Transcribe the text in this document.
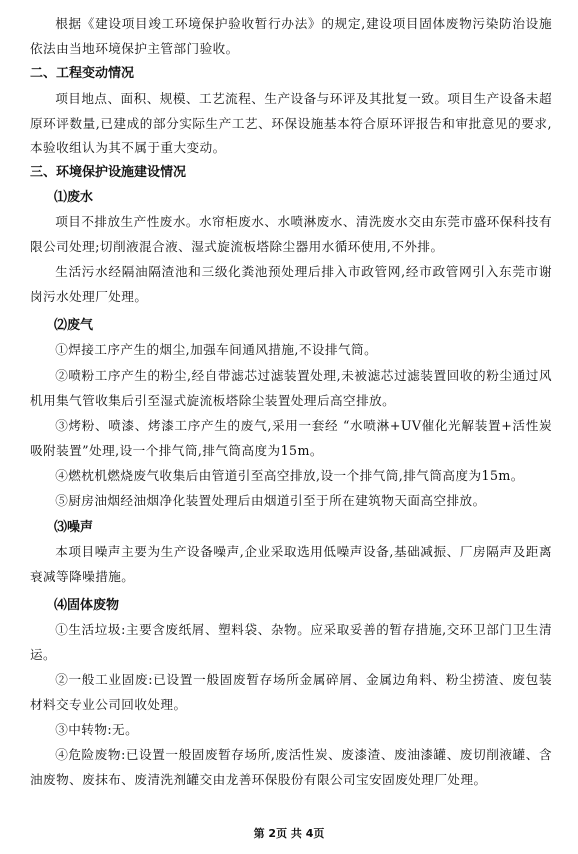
根据《建设项目竣工环境保护验收暂行办法》的规定,建设项目固体废物污染防治设施依法由当地环境保护主管部门验收。

二、工程变动情况

项目地点、面积、规模、工艺流程、生产设备与环评及其批复一致。项目生产设备未超原环评数量,已建成的部分实际生产工艺、环保设施基本符合原环评报告和审批意见的要求,本验收组认为其不属于重大变动。

三、环境保护设施建设情况
⑴废水

项目不排放生产性废水。水帘柜废水、水喷淋废水、清洗废水交由东莞市盛环保科技有限公司处理;切削液混合液、湿式旋流板塔除尘器用水循环使用,不外排。

生活污水经隔油隔渣池和三级化粪池预处理后排入市政管网,经市政管网引入东莞市谢岗污水处理厂处理。

⑵废气

①焊接工序产生的烟尘,加强车间通风措施,不设排气筒。

②喷粉工序产生的粉尘,经自带滤芯过滤装置处理,未被滤芯过滤装置回收的粉尘通过风机用集气管收集后引至湿式旋流板塔除尘装置处理后高空排放。

③烤粉、喷漆、烤漆工序产生的废气,采用一套经 “水喷淋+UV催化光解装置+活性炭吸附装置”处理,设一个排气筒,排气筒高度为15m。

④燃枕机燃烧废气收集后由管道引至高空排放,设一个排气筒,排气筒高度为15m。

⑤厨房油烟经油烟净化装置处理后由烟道引至于所在建筑物天面高空排放。

⑶噪声

本项目噪声主要为生产设备噪声,企业采取选用低噪声设备,基础减振、厂房隔声及距离衰减等降噪措施。

⑷固体废物

①生活垃圾:主要含废纸屑、塑料袋、杂物。应采取妥善的暂存措施,交环卫部门卫生清运。

②一般工业固废:已设置一般固废暂存场所金属碎屑、金属边角料、粉尘捞渣、废包装材料交专业公司回收处理。

③中转物:无。

④危险废物:已设置一般固废暂存场所,废活性炭、废漆渣、废油漆罐、废切削液罐、含油废物、废抹布、废清洗剂罐交由龙善环保股份有限公司宝安固废处理厂处理。

第 2页 共 4页
